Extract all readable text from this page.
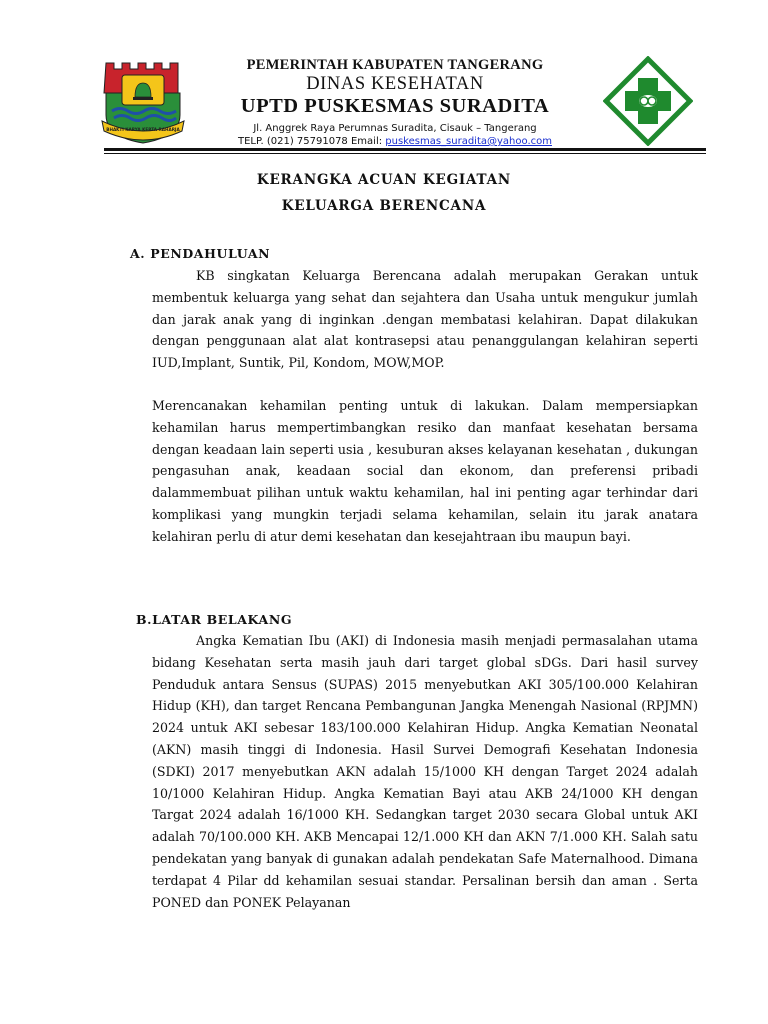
BHAKTI KARYA KERTA RAHARJA
PEMERINTAH KABUPATEN TANGERANG
DINAS KESEHATAN
UPTD PUSKESMAS SURADITA
Jl. Anggrek Raya Perumnas Suradita, Cisauk – Tangerang
TELP. (021) 75791078 Email: puskesmas_suradita@yahoo.com
KERANGKA ACUAN KEGIATAN
KELUARGA BERENCANA
A. PENDAHULUAN

KB singkatan Keluarga Berencana adalah merupakan Gerakan untuk membentuk keluarga yang sehat dan sejahtera dan Usaha untuk mengukur jumlah dan jarak anak yang di inginkan .dengan membatasi kelahiran. Dapat dilakukan dengan penggunaan alat alat kontrasepsi atau penanggulangan kelahiran seperti IUD,Implant, Suntik, Pil, Kondom, MOW,MOP.

Merencanakan kehamilan penting untuk di lakukan. Dalam mempersiapkan kehamilan harus mempertimbangkan resiko dan manfaat kesehatan bersama dengan keadaan lain seperti usia , kesuburan akses kelayanan kesehatan , dukungan pengasuhan anak, keadaan social dan ekonom, dan preferensi pribadi dalammembuat pilihan untuk waktu kehamilan, hal ini penting agar terhindar dari komplikasi yang mungkin terjadi selama kehamilan, selain itu jarak anatara kelahiran perlu di atur demi kesehatan dan kesejahtraan ibu maupun bayi.

B.LATAR BELAKANG

Angka Kematian Ibu (AKI) di Indonesia masih menjadi permasalahan utama bidang Kesehatan serta masih jauh dari target global sDGs. Dari hasil survey Penduduk antara Sensus (SUPAS) 2015 menyebutkan AKI 305/100.000 Kelahiran Hidup (KH), dan target Rencana Pembangunan Jangka Menengah Nasional (RPJMN) 2024 untuk AKI sebesar 183/100.000 Kelahiran Hidup. Angka Kematian Neonatal (AKN) masih tinggi di Indonesia. Hasil Survei Demografi Kesehatan Indonesia (SDKI) 2017 menyebutkan AKN adalah 15/1000 KH dengan Target 2024 adalah 10/1000 Kelahiran Hidup. Angka Kematian Bayi atau AKB 24/1000 KH dengan Targat 2024 adalah 16/1000 KH. Sedangkan target 2030 secara Global untuk AKI adalah 70/100.000 KH. AKB Mencapai 12/1.000 KH dan AKN 7/1.000 KH. Salah satu pendekatan yang banyak di gunakan adalah pendekatan Safe Maternalhood. Dimana terdapat 4 Pilar dd kehamilan sesuai standar. Persalinan bersih dan aman . Serta PONED dan PONEK Pelayanan
